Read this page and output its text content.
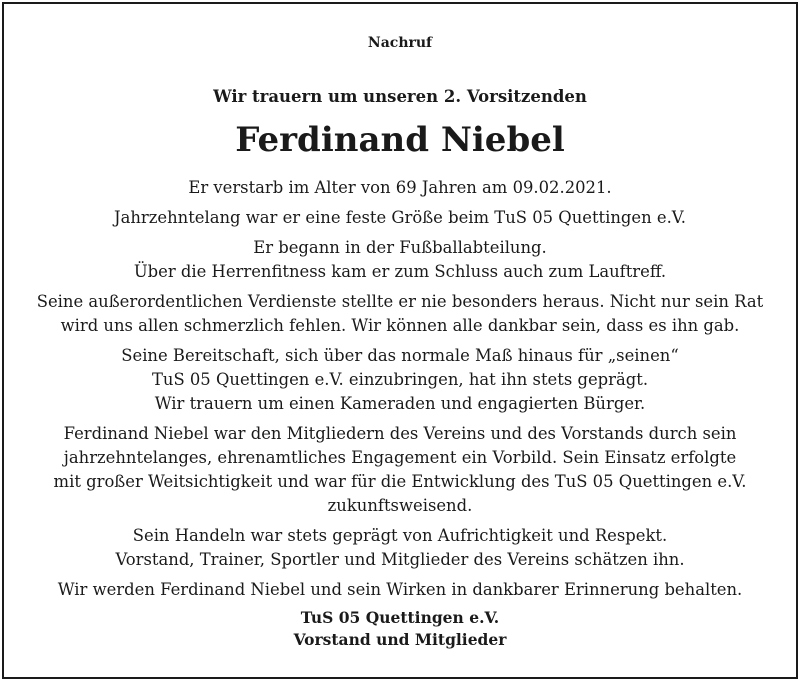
Nachruf
Wir trauern um unseren 2. Vorsitzenden
Ferdinand Niebel

Er verstarb im Alter von 69 Jahren am 09.02.2021.

Jahrzehntelang war er eine feste Größe beim TuS 05 Quettingen e.V.

Er begann in der Fußballabteilung.
Über die Herrenfitness kam er zum Schluss auch zum Lauftreff.

Seine außerordentlichen Verdienste stellte er nie besonders heraus. Nicht nur sein Rat
wird uns allen schmerzlich fehlen. Wir können alle dankbar sein, dass es ihn gab.

Seine Bereitschaft, sich über das normale Maß hinaus für „seinen“
TuS 05 Quettingen e.V. einzubringen, hat ihn stets geprägt.
Wir trauern um einen Kameraden und engagierten Bürger.

Ferdinand Niebel war den Mitgliedern des Vereins und des Vorstands durch sein
jahrzehntelanges, ehrenamtliches Engagement ein Vorbild. Sein Einsatz erfolgte
mit großer Weitsichtigkeit und war für die Entwicklung des TuS 05 Quettingen e.V.
zukunftsweisend.

Sein Handeln war stets geprägt von Aufrichtigkeit und Respekt.
Vorstand, Trainer, Sportler und Mitglieder des Vereins schätzen ihn.

Wir werden Ferdinand Niebel und sein Wirken in dankbarer Erinnerung behalten.

TuS 05 Quettingen e.V.
Vorstand und Mitglieder
